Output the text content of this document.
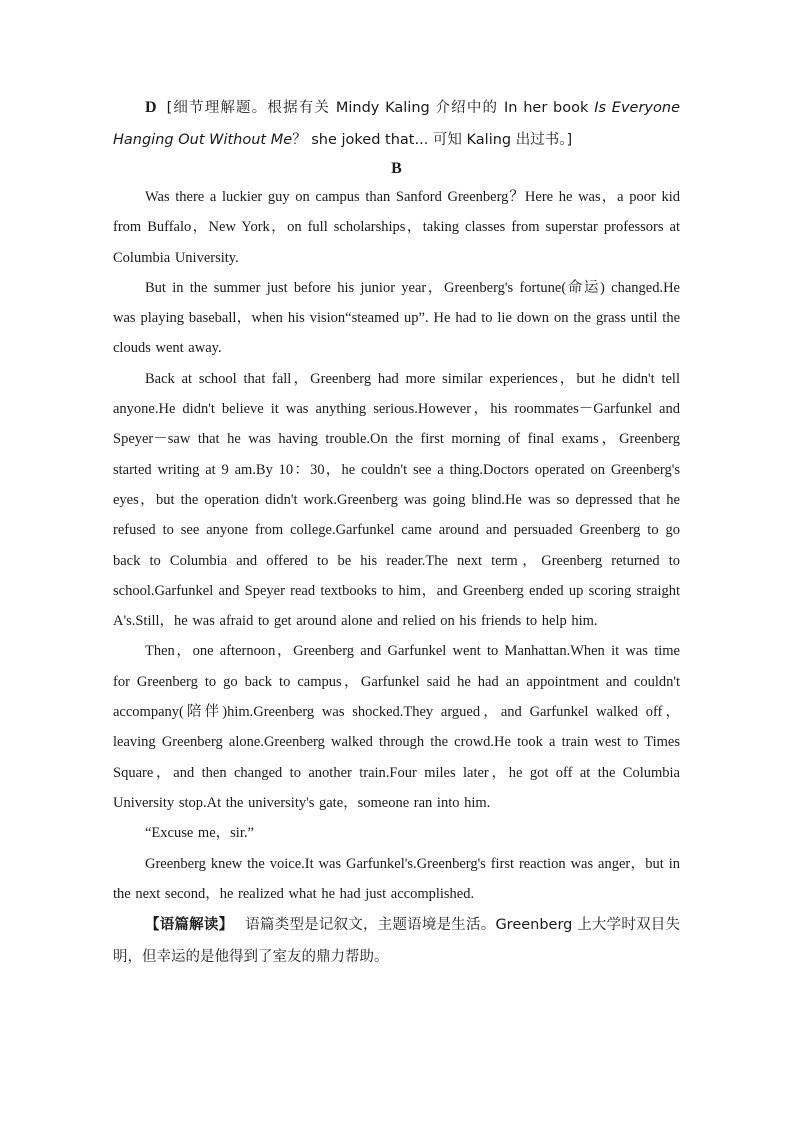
D [细节理解题。根据有关 Mindy Kaling 介绍中的 In her book Is Everyone Hanging Out Without Me？ she joked that... 可知 Kaling 出过书。]

B

Was there a luckier guy on campus than Sanford Greenberg？Here he was，a poor kid from Buffalo，New York，on full scholarships，taking classes from superstar professors at Columbia University.

But in the summer just before his junior year，Greenberg's fortune(命运) changed.He was playing baseball，when his vision“steamed up”. He had to lie down on the grass until the clouds went away.

Back at school that fall，Greenberg had more similar experiences，but he didn't tell anyone.He didn't believe it was anything serious.However，his roommates－Garfunkel and Speyer－saw that he was having trouble.On the first morning of final exams，Greenberg started writing at 9 am.By 10：30，he couldn't see a thing.Doctors operated on Greenberg's eyes，but the operation didn't work.Greenberg was going blind.He was so depressed that he refused to see anyone from college.Garfunkel came around and persuaded Greenberg to go back to Columbia and offered to be his reader.The next term，Greenberg returned to school.Garfunkel and Speyer read textbooks to him，and Greenberg ended up scoring straight A's.Still，he was afraid to get around alone and relied on his friends to help him.

Then，one afternoon，Greenberg and Garfunkel went to Manhattan.When it was time for Greenberg to go back to campus，Garfunkel said he had an appointment and couldn't accompany(陪伴)him.Greenberg was shocked.They argued，and Garfunkel walked off，leaving Greenberg alone.Greenberg walked through the crowd.He took a train west to Times Square，and then changed to another train.Four miles later，he got off at the Columbia University stop.At the university's gate，someone ran into him.

“Excuse me，sir.”

Greenberg knew the voice.It was Garfunkel's.Greenberg's first reaction was anger，but in the next second，he realized what he had just accomplished.

【语篇解读】 语篇类型是记叙文，主题语境是生活。Greenberg 上大学时双目失明，但幸运的是他得到了室友的鼎力帮助。
